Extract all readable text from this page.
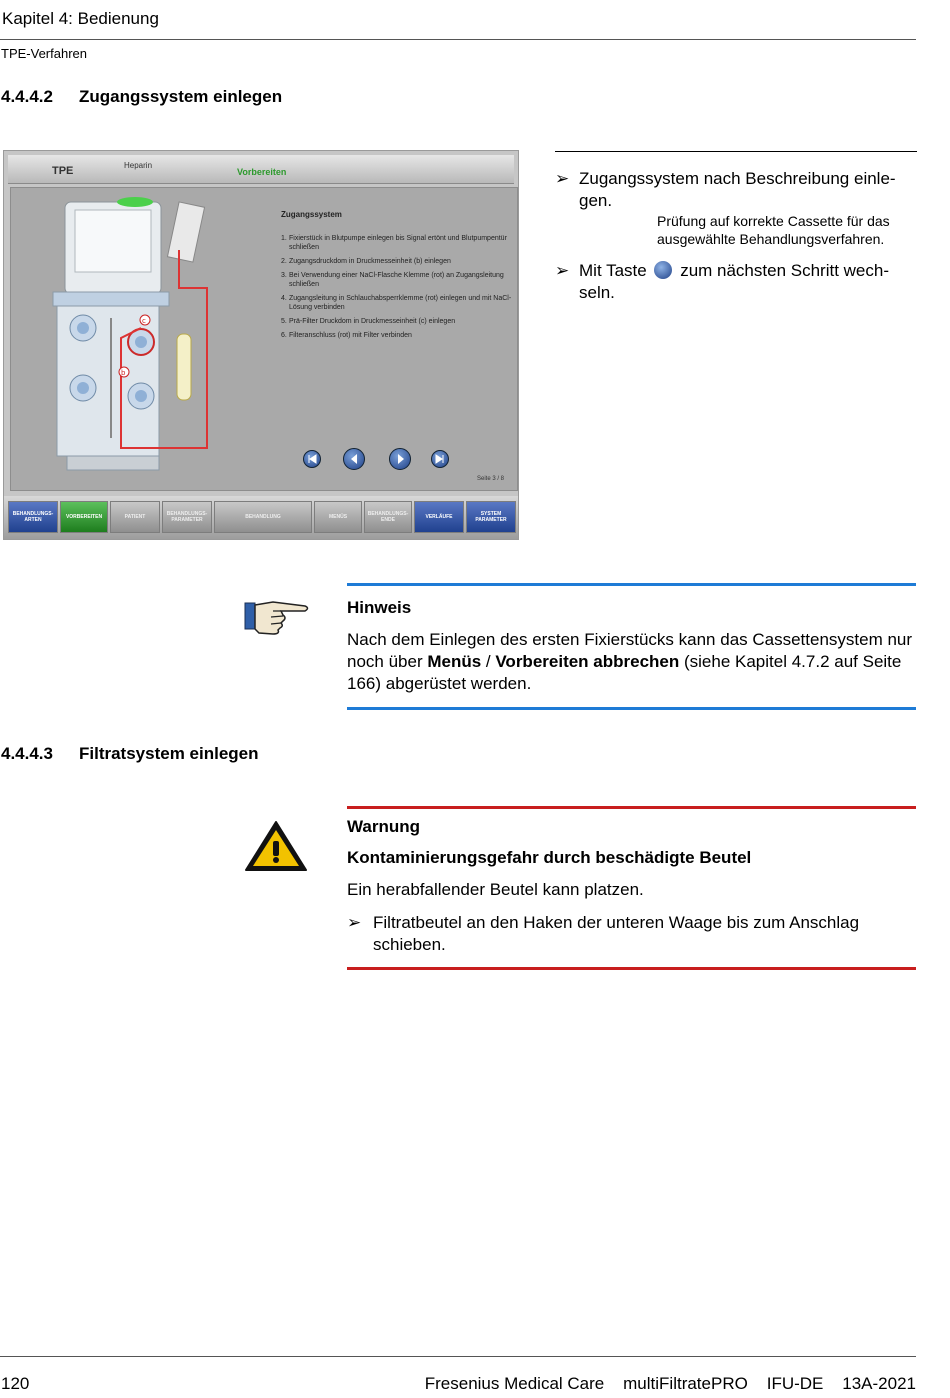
Kapitel 4: Bedienung
TPE-Verfahren
4.4.4.2 Zugangssystem einlegen
TPE	Heparin
Vorbereiten
c
b
Zugangssystem
1. Fixierstück in Blutpumpe einlegen bis Signal ertönt und Blutpumpentür schließen
2. Zugangsdruckdom in Druckmesseinheit (b) einlegen
3. Bei Verwendung einer NaCl-Flasche Klemme (rot) an Zugangsleitung schließen
4. Zugangsleitung in Schlauchabsperrklemme (rot) einlegen und mit NaCl-Lösung verbinden
5. Prä-Filter Druckdom in Druckmesseinheit (c) einlegen
6. Filteranschluss (rot) mit Filter verbinden
Seite 3 / 8
BEHANDLUNGS-
ARTEN	VORBEREITEN	PATIENT	BEHANDLUNGS-
PARAMETER	BEHANDLUNG	MENÜS	BEHANDLUNGS-
ENDE	VERLÄUFE	SYSTEM
PARAMETER
➢ Zugangssystem nach Beschreibung einle-gen.

Prüfung auf korrekte Cassette für das ausgewählte Behandlungsverfahren.

➢ Mit Taste zum nächsten Schritt wech-seln.
Hinweis
Nach dem Einlegen des ersten Fixierstücks kann das Cassettensystem nur noch über Menüs / Vorbereiten abbrechen (siehe Kapitel 4.7.2 auf Seite 166) abgerüstet werden.
4.4.4.3 Filtratsystem einlegen
Warnung
Kontaminierungsgefahr durch beschädigte Beutel
Ein herabfallender Beutel kann platzen.
➢ Filtratbeutel an den Haken der unteren Waage bis zum Anschlag schieben.
120	Fresenius Medical Care    multiFiltratePRO    IFU-DE    13A-2021
